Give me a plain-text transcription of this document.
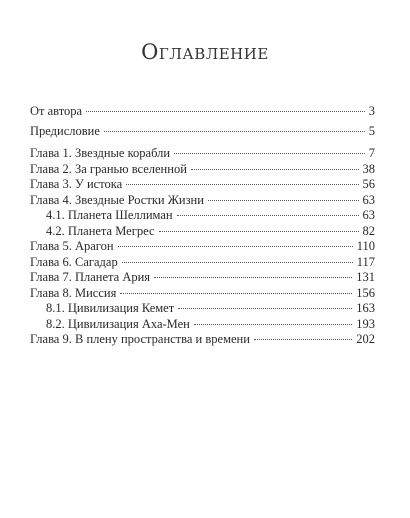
Оглавление
От автора	3
Предисловие	5
Глава 1. Звездные корабли	7
Глава 2. За гранью вселенной	38
Глава 3. У истока	56
Глава 4. Звездные Ростки Жизни	63
4.1. Планета Шеллиман	63
4.2. Планета Мегрес	82
Глава 5. Арагон	110
Глава 6. Сагадар	117
Глава 7. Планета Ария	131
Глава 8. Миссия	156
8.1. Цивилизация Кемет	163
8.2. Цивилизация Аха-Мен	193
Глава 9. В плену пространства и времени	202
